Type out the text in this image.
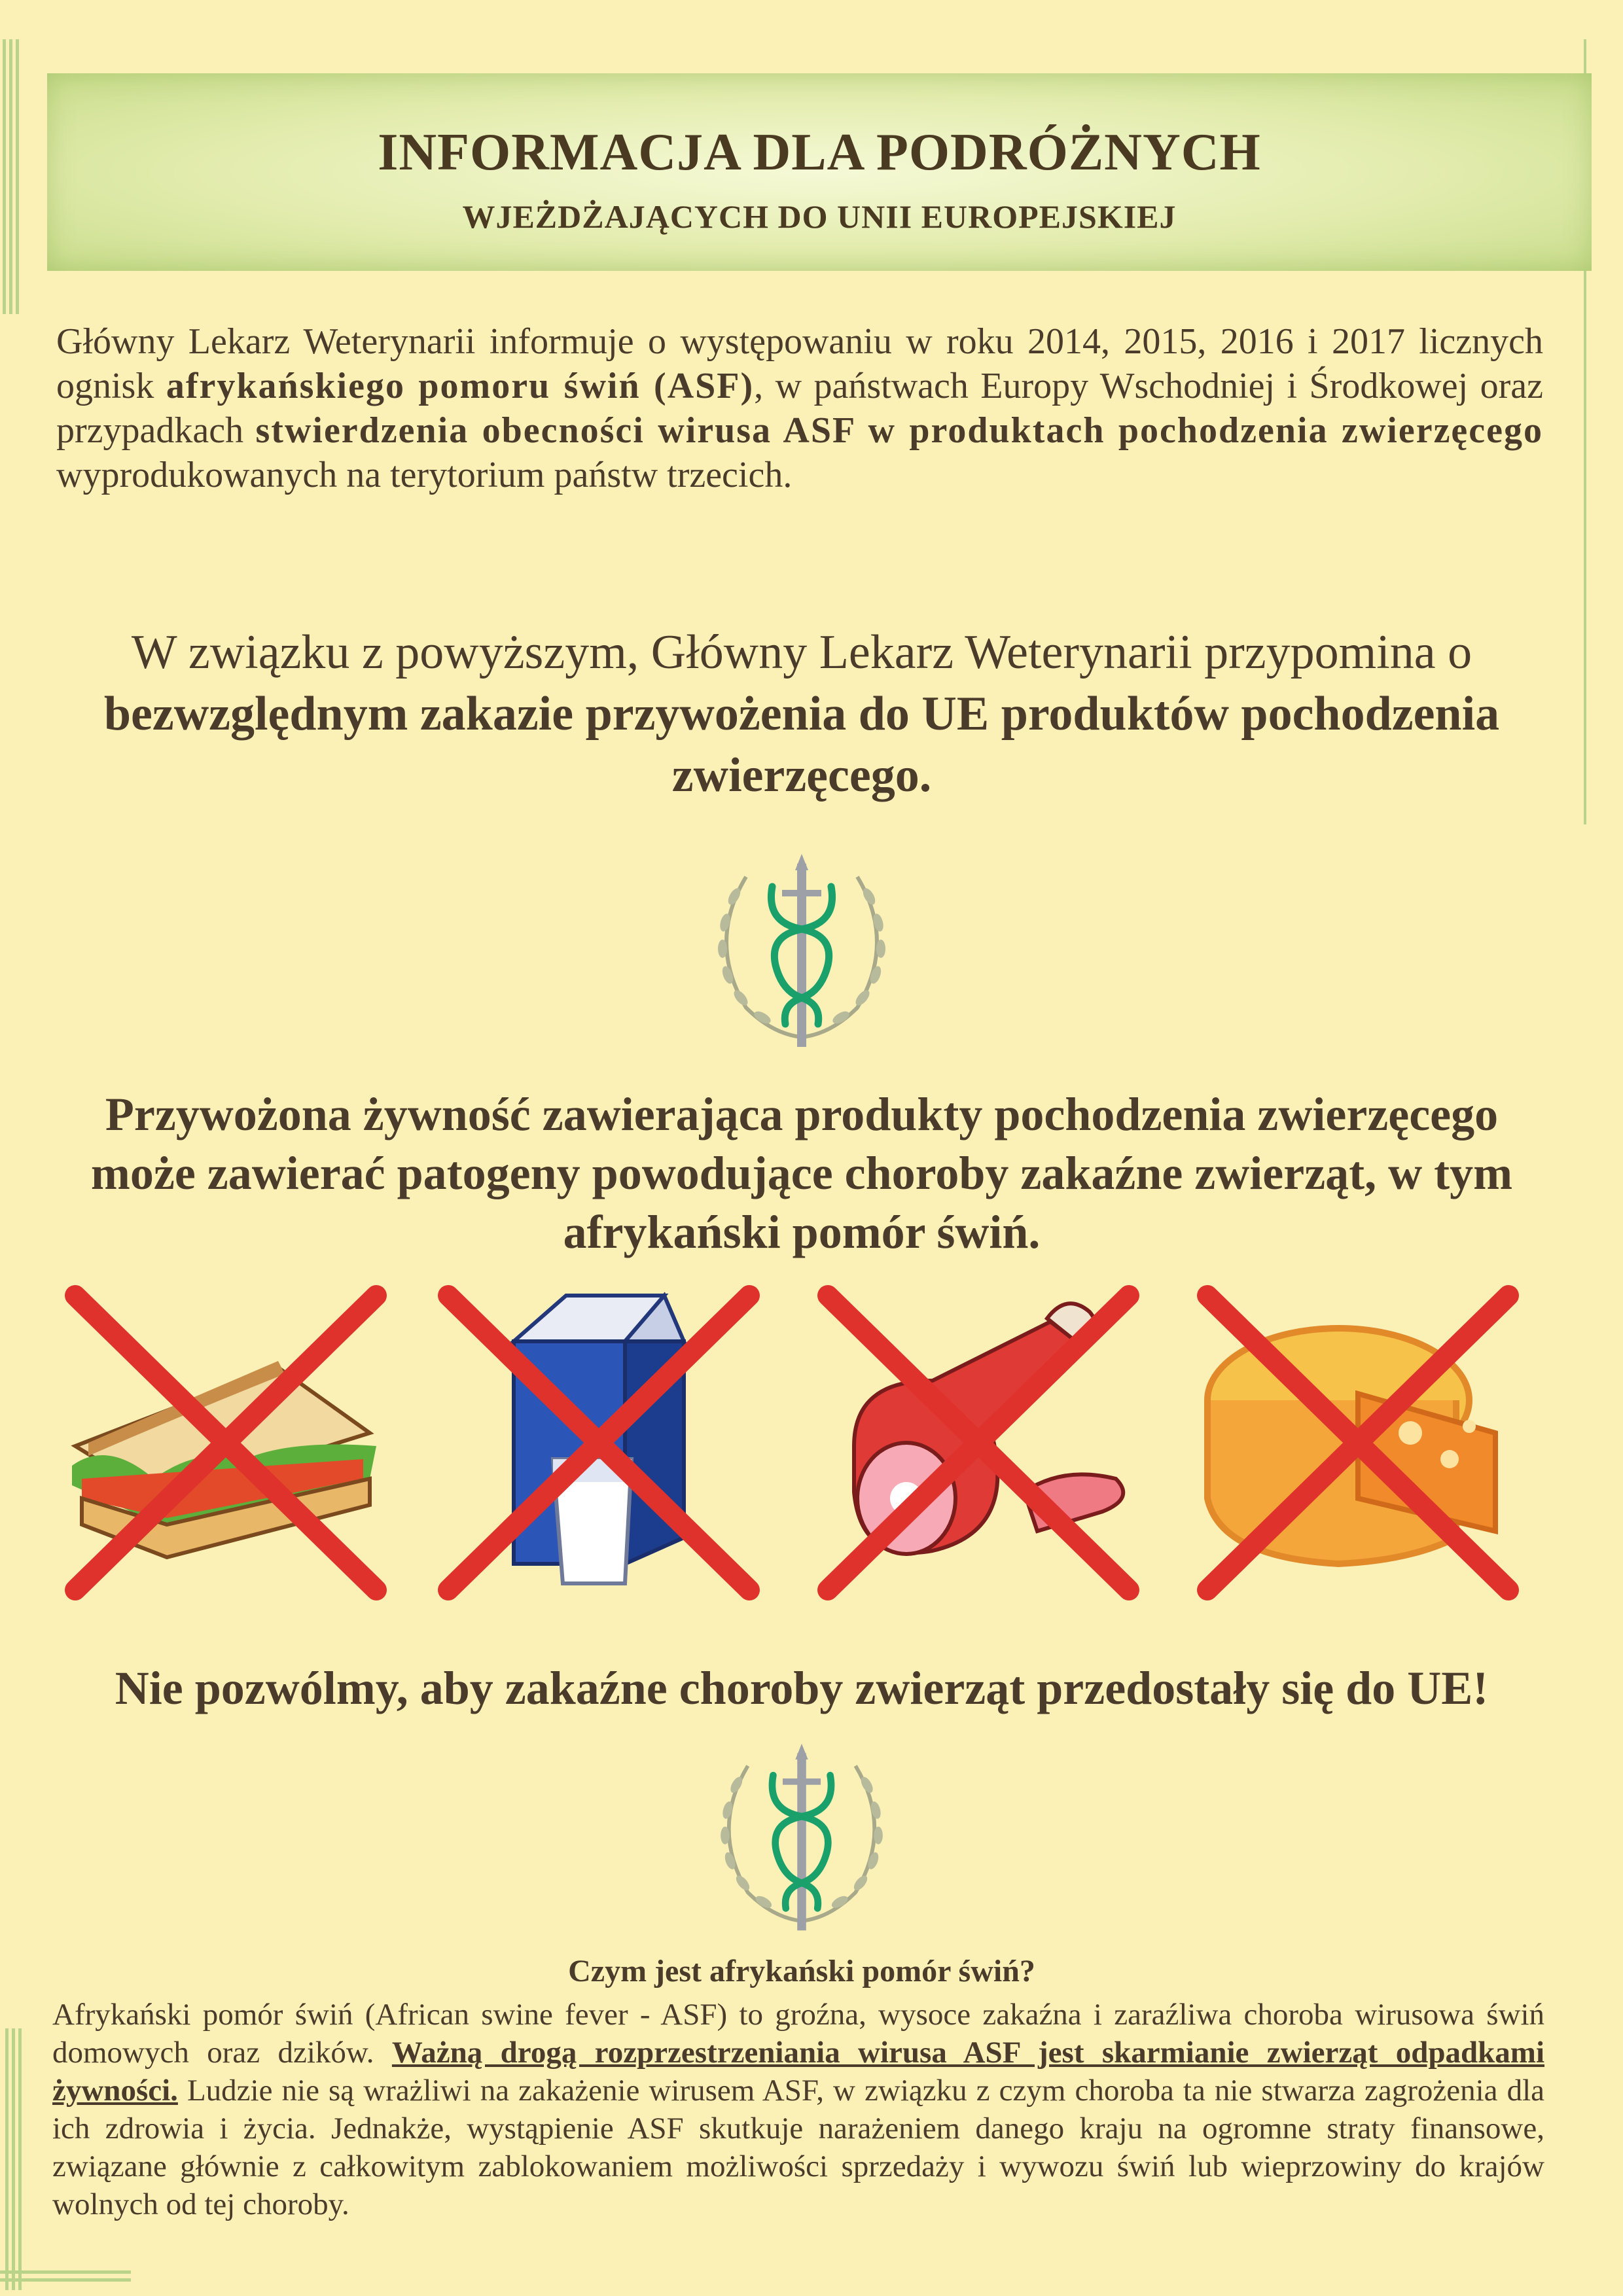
INFORMACJA DLA PODRÓŻNYCH
WJEŻDŻAJĄCYCH DO UNII EUROPEJSKIEJ
Główny Lekarz Weterynarii informuje o występowaniu w roku 2014, 2015, 2016 i 2017 licznych ognisk afrykańskiego pomoru świń (ASF), w państwach Europy Wschodniej i Środkowej oraz przypadkach stwierdzenia obecności wirusa ASF w produktach pochodzenia zwierzęcego wyprodukowanych na terytorium państw trzecich.
W związku z powyższym, Główny Lekarz Weterynarii przypomina o bezwzględnym zakazie przywożenia do UE produktów pochodzenia zwierzęcego.
Przywożona żywność zawierająca produkty pochodzenia zwierzęcego może zawierać patogeny powodujące choroby zakaźne zwierząt, w tym afrykański pomór świń.
Nie pozwólmy, aby zakaźne choroby zwierząt przedostały się do UE!
Czym jest afrykański pomór świń?
Afrykański pomór świń (African swine fever - ASF) to groźna, wysoce zakaźna i zaraźliwa choroba wirusowa świń domowych oraz dzików. Ważną drogą rozprzestrzeniania wirusa ASF jest skarmianie zwierząt odpadkami żywności. Ludzie nie są wrażliwi na zakażenie wirusem ASF, w związku z czym choroba ta nie stwarza zagrożenia dla ich zdrowia i życia. Jednakże, wystąpienie ASF skutkuje narażeniem danego kraju na ogromne straty finansowe, związane głównie z całkowitym zablokowaniem możliwości sprzedaży i wywozu świń lub wieprzowiny do krajów wolnych od tej choroby.
